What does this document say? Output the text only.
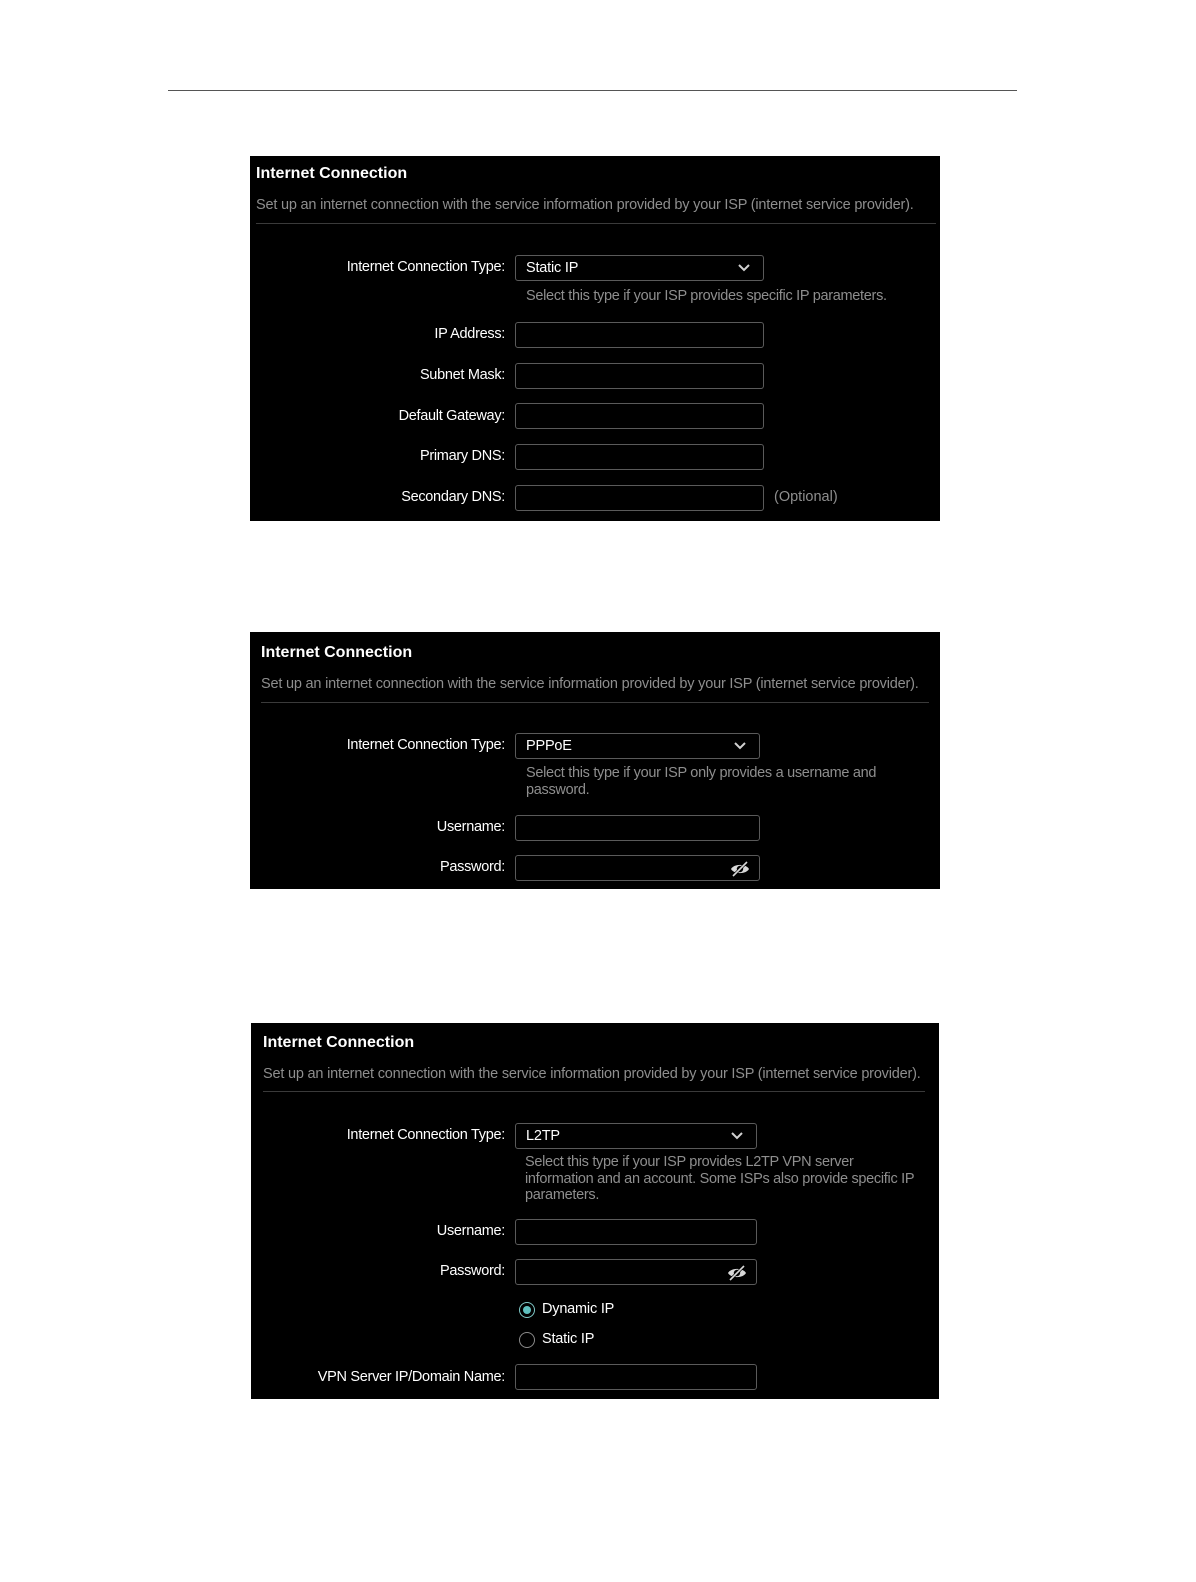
Internet Connection
Set up an internet connection with the service information provided by your ISP (internet service provider).
Internet Connection Type: Static IP
Select this type if your ISP provides specific IP parameters.
IP Address:
Subnet Mask:
Default Gateway:
Primary DNS:
Secondary DNS:	(Optional)
Internet Connection
Set up an internet connection with the service information provided by your ISP (internet service provider).
Internet Connection Type: PPPoE
Select this type if your ISP only provides a username and
password.
Username:
Password:
Internet Connection
Set up an internet connection with the service information provided by your ISP (internet service provider).
Internet Connection Type: L2TP
Select this type if your ISP provides L2TP VPN server
information and an account. Some ISPs also provide specific IP
parameters.
Username:
Password:
Dynamic IP
Static IP
VPN Server IP/Domain Name:
